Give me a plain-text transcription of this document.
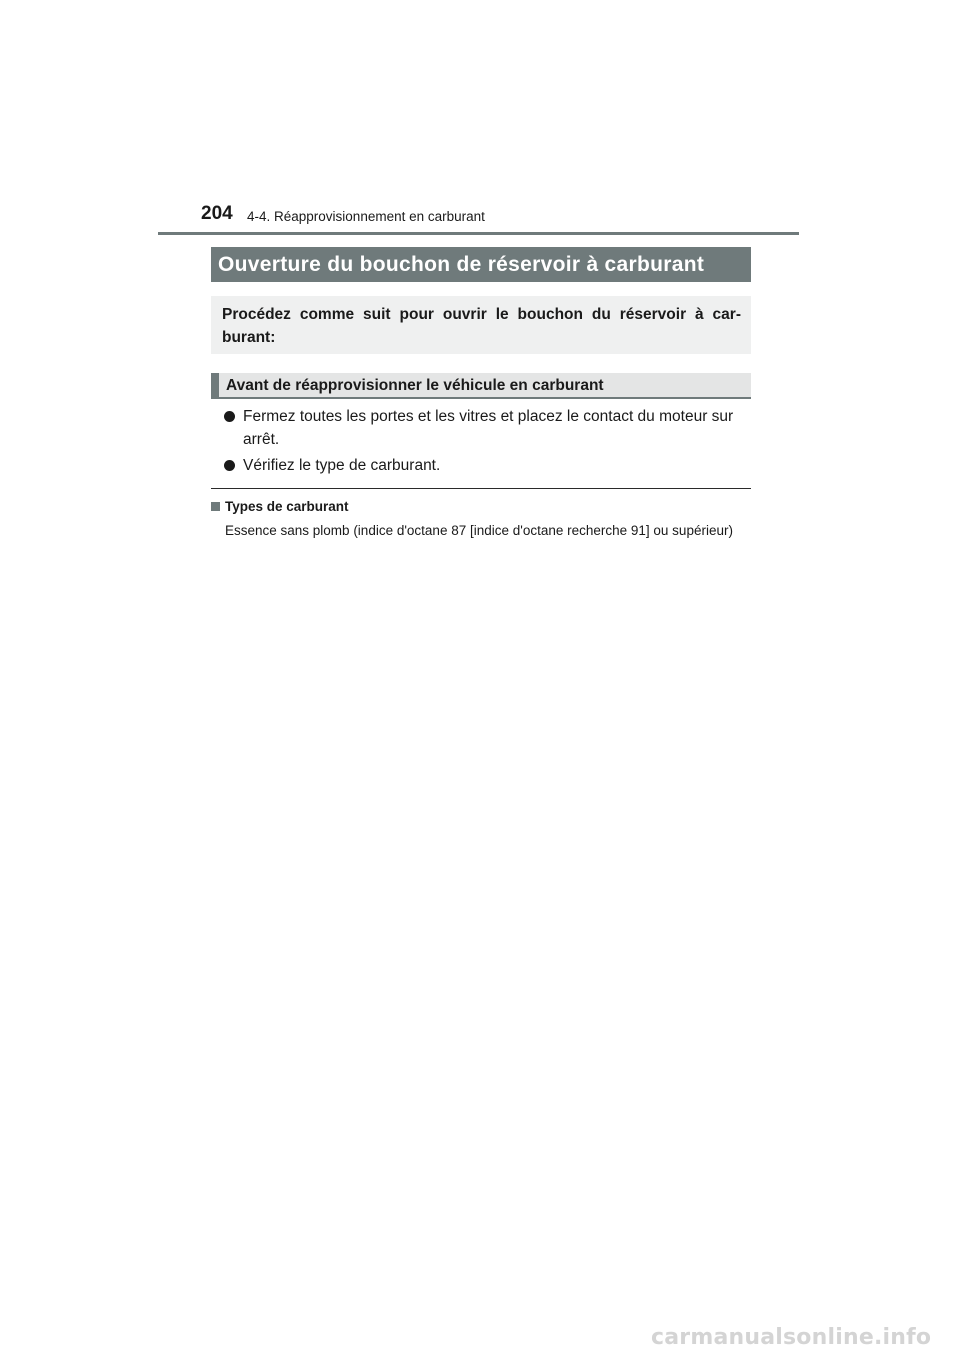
204 4-4. Réapprovisionnement en carburant
Ouverture du bouchon de réservoir à carburant
Procédez comme suit pour ouvrir le bouchon du réservoir à car-burant:
Avant de réapprovisionner le véhicule en carburant
Fermez toutes les portes et les vitres et placez le contact du moteur sur arrêt.
Vérifiez le type de carburant.
Types de carburant
Essence sans plomb (indice d'octane 87 [indice d'octane recherche 91] ou supérieur)
carmanualsonline.info
